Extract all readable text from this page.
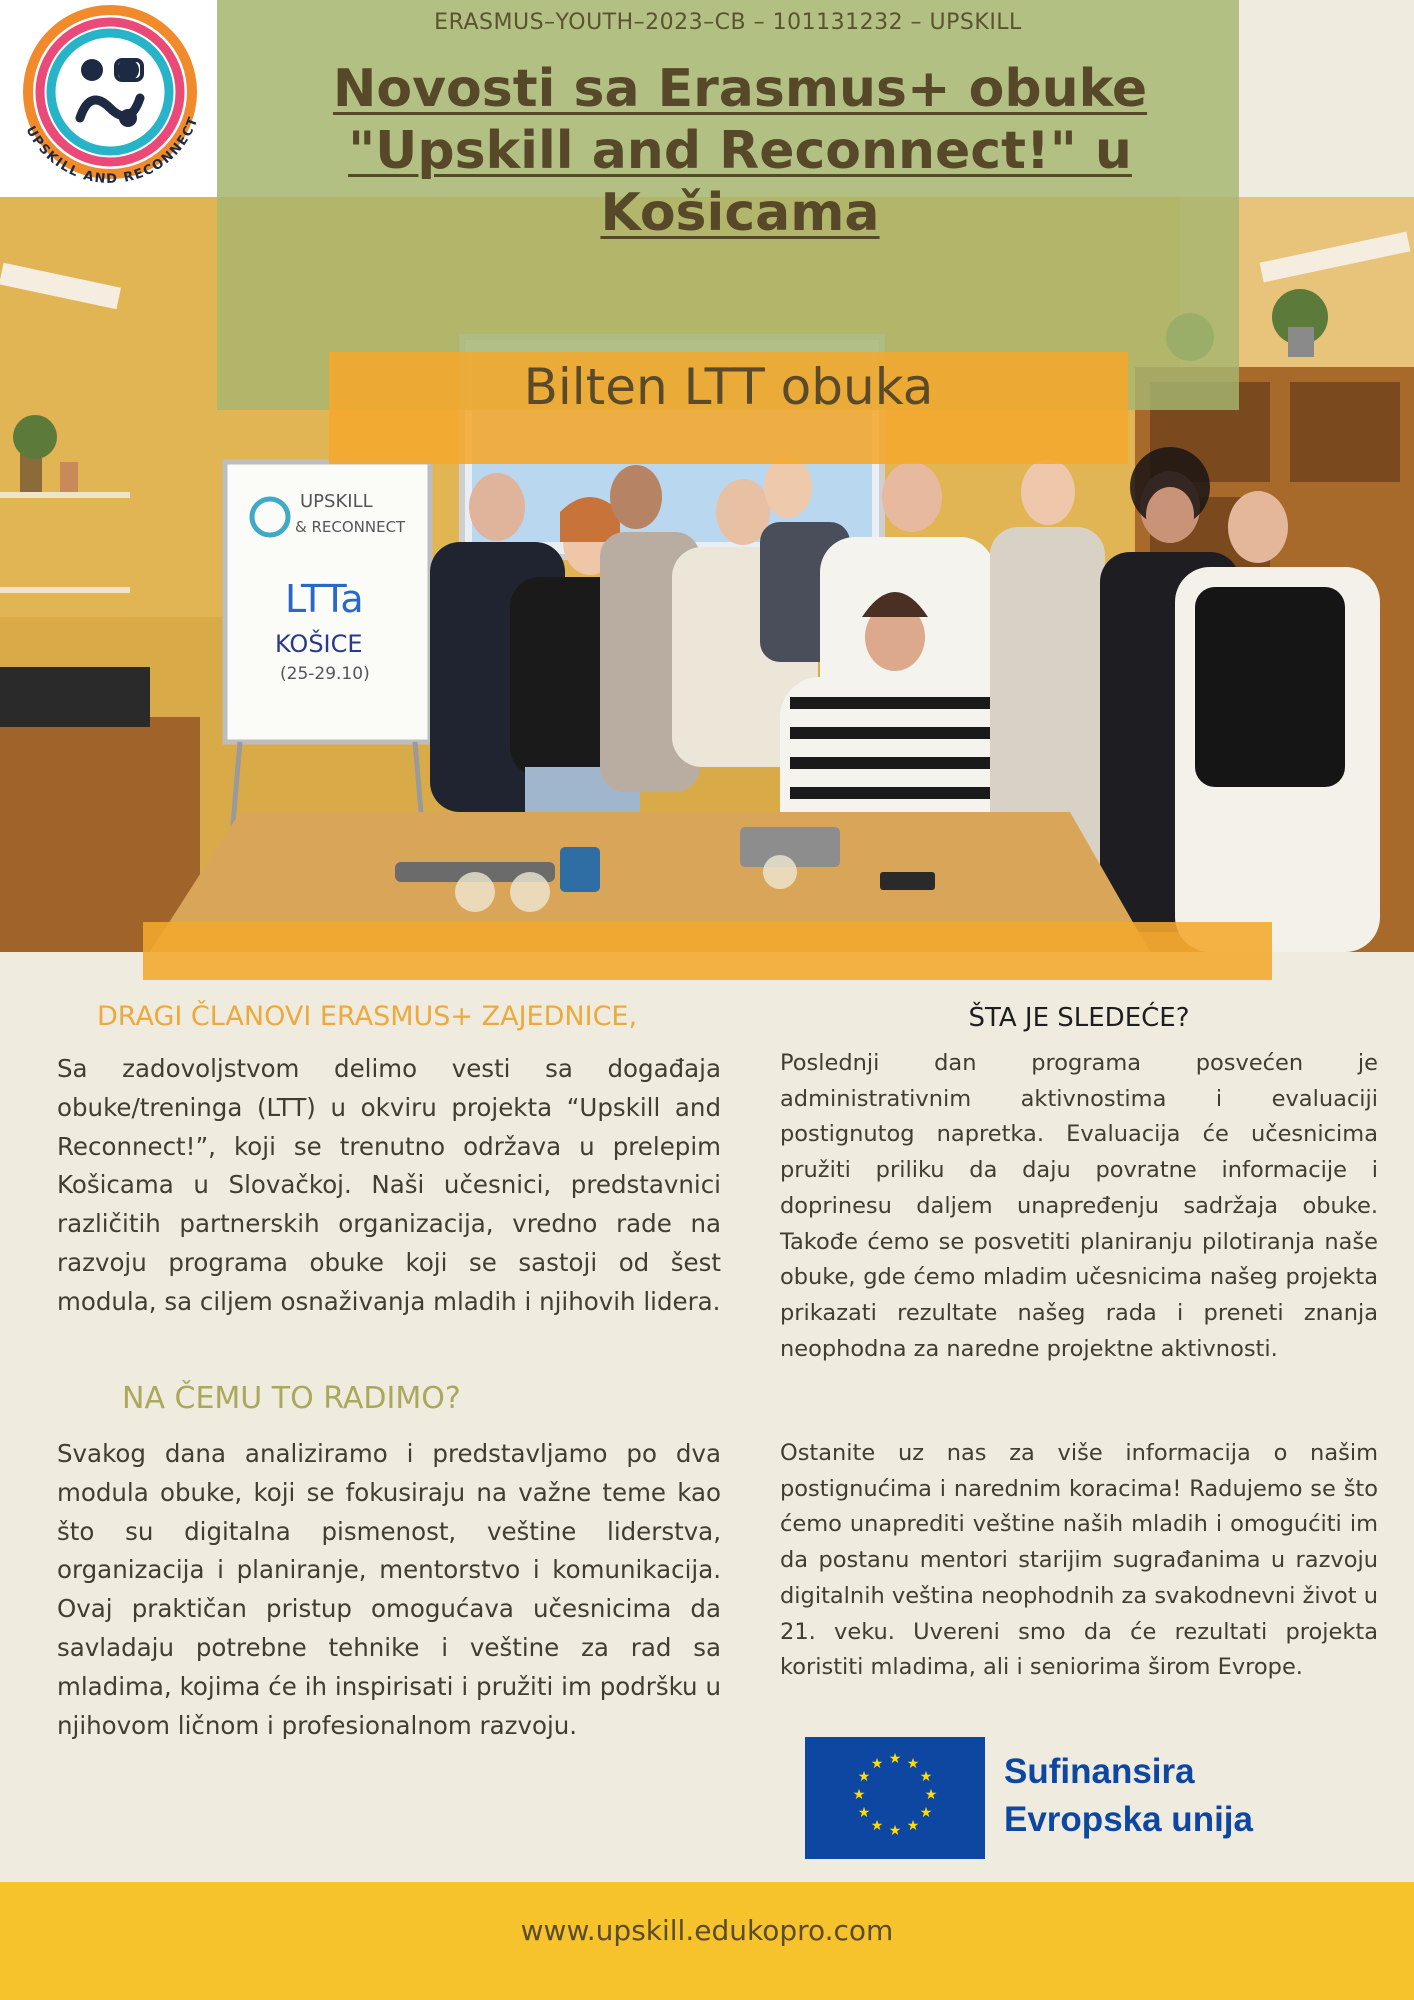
UPSKILL
& RECONNECT
LTTa
KOŠICE
(25-29.10)
UPSKILL AND RECONNECT
ERASMUS–YOUTH–2023–CB – 101131232 – UPSKILL
Novosti sa Erasmus+ obuke "Upskill and Reconnect!" u Košicama
Bilten LTT obuka
DRAGI ČLANOVI ERASMUS+ ZAJEDNICE,

Sa zadovoljstvom delimo vesti sa događaja obuke/treninga (LTT) u okviru projekta “Upskill and Reconnect!”, koji se trenutno održava u prelepim Košicama u Slovačkoj. Naši učesnici, predstavnici različitih partnerskih organizacija, vredno rade na razvoju programa obuke koji se sastoji od šest modula, sa ciljem osnaživanja mladih i njihovih lidera.

NA ČEMU TO RADIMO?

Svakog dana analiziramo i predstavljamo po dva modula obuke, koji se fokusiraju na važne teme kao što su digitalna pismenost, veštine liderstva, organizacija i planiranje, mentorstvo i komunikacija. Ovaj praktičan pristup omogućava učesnicima da savladaju potrebne tehnike i veštine za rad sa mladima, kojima će ih inspirisati i pružiti im podršku u njihovom ličnom i profesionalnom razvoju.

ŠTA JE SLEDEĆE?

Poslednji dan programa posvećen je administrativnim aktivnostima i evaluaciji postignutog napretka. Evaluacija će učesnicima pružiti priliku da daju povratne informacije i doprinesu daljem unapređenju sadržaja obuke. Takođe ćemo se posvetiti planiranju pilotiranja naše obuke, gde ćemo mladim učesnicima našeg projekta prikazati rezultate našeg rada i preneti znanja neophodna za naredne projektne aktivnosti.

Ostanite uz nas za više informacija o našim postignućima i narednim koracima! Radujemo se što ćemo unaprediti veštine naših mladih i omogućiti im da postanu mentori starijim sugrađanima u razvoju digitalnih veština neophodnih za svakodnevni život u 21. veku. Uvereni smo da će rezultati projekta koristiti mladima, ali i seniorima širom Evrope.

★ ★
★
★
★
★
★
★
★
★
★
★	Sufinansira
Evropska unija
www.upskill.edukopro.com
